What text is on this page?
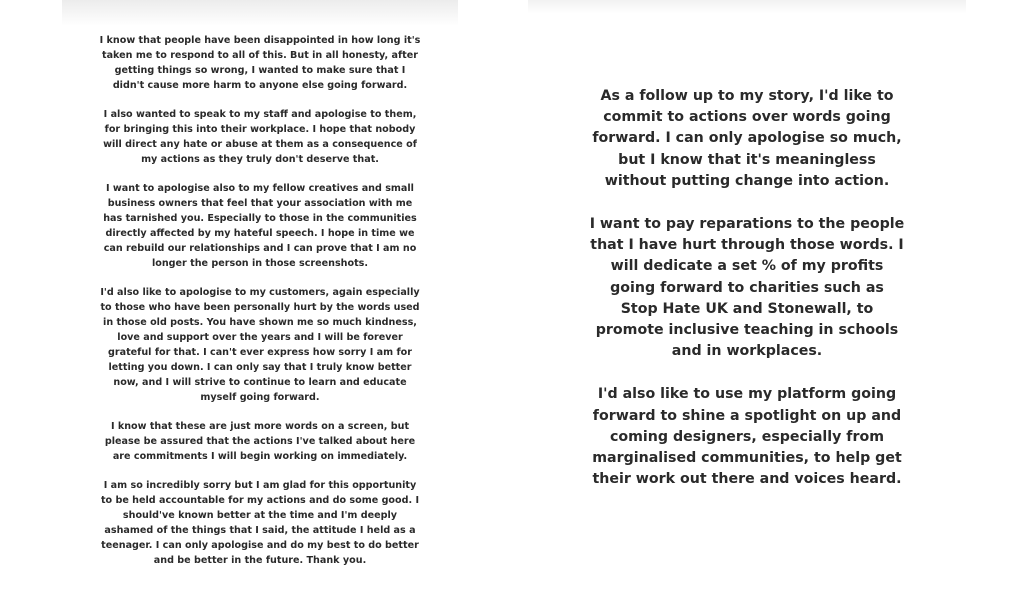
I know that people have been disappointed in how long it's
taken me to respond to all of this. But in all honesty, after
getting things so wrong, I wanted to make sure that I
didn't cause more harm to anyone else going forward.

I also wanted to speak to my staff and apologise to them,
for bringing this into their workplace. I hope that nobody
will direct any hate or abuse at them as a consequence of
my actions as they truly don't deserve that.

I want to apologise also to my fellow creatives and small
business owners that feel that your association with me
has tarnished you. Especially to those in the communities
directly affected by my hateful speech. I hope in time we
can rebuild our relationships and I can prove that I am no
longer the person in those screenshots.

I'd also like to apologise to my customers, again especially
to those who have been personally hurt by the words used
in those old posts. You have shown me so much kindness,
love and support over the years and I will be forever
grateful for that. I can't ever express how sorry I am for
letting you down. I can only say that I truly know better
now, and I will strive to continue to learn and educate
myself going forward.

I know that these are just more words on a screen, but
please be assured that the actions I've talked about here
are commitments I will begin working on immediately.

I am so incredibly sorry but I am glad for this opportunity
to be held accountable for my actions and do some good. I
should've known better at the time and I'm deeply
ashamed of the things that I said, the attitude I held as a
teenager. I can only apologise and do my best to do better
and be better in the future. Thank you.

As a follow up to my story, I'd like to
commit to actions over words going
forward. I can only apologise so much,
but I know that it's meaningless
without putting change into action.

I want to pay reparations to the people
that I have hurt through those words. I
will dedicate a set % of my profits
going forward to charities such as
Stop Hate UK and Stonewall, to
promote inclusive teaching in schools
and in workplaces.

I'd also like to use my platform going
forward to shine a spotlight on up and
coming designers, especially from
marginalised communities, to help get
their work out there and voices heard.
